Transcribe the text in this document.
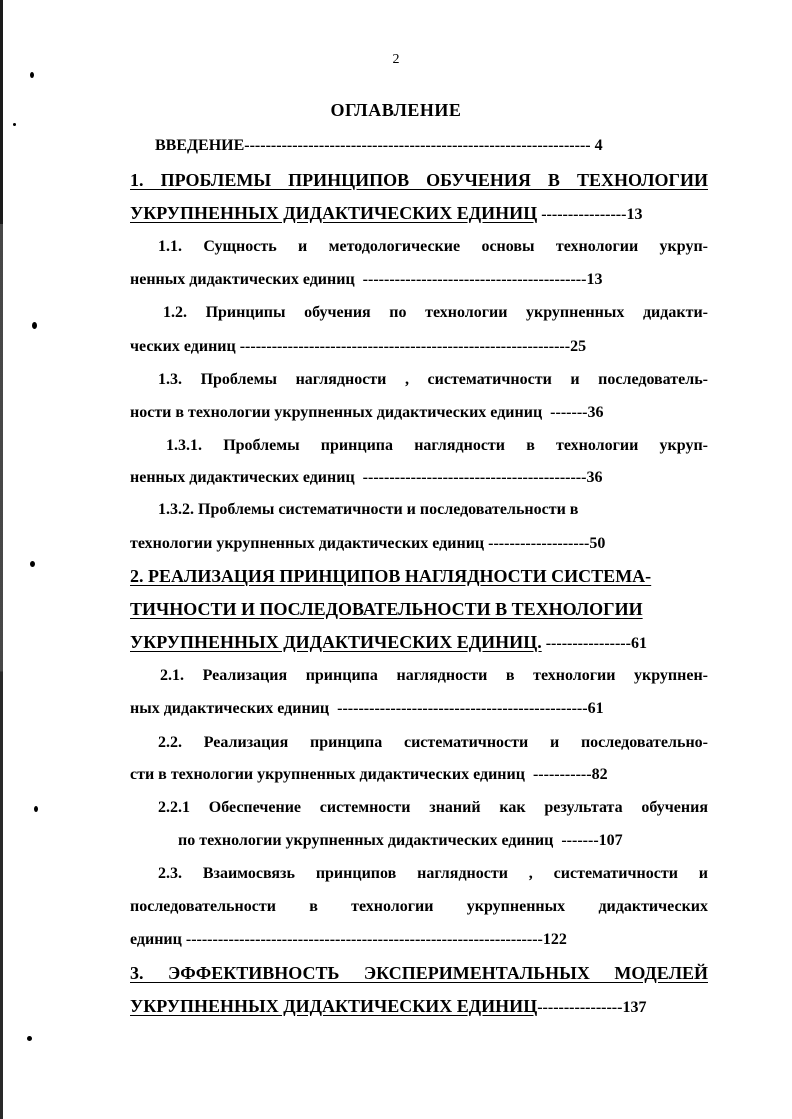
2
ОГЛАВЛЕНИЕ
ВВЕДЕНИЕ----------------------------------------------------------------- 4
1. ПРОБЛЕМЫ ПРИНЦИПОВ ОБУЧЕНИЯ В ТЕХНОЛОГИИ
УКРУПНЕННЫХ ДИДАКТИЧЕСКИХ ЕДИНИЦ ----------------13
1.1. Сущность и методологические основы технологии укруп-
ненных дидактических единиц ------------------------------------------13
1.2. Принципы обучения по технологии укрупненных дидакти-
ческих единиц --------------------------------------------------------------25
1.3. Проблемы наглядности , систематичности и последователь-
ности в технологии укрупненных дидактических единиц -------36
1.3.1. Проблемы принципа наглядности в технологии укруп-
ненных дидактических единиц ------------------------------------------36
1.3.2. Проблемы систематичности и последовательности в
технологии укрупненных дидактических единиц -------------------50
2. РЕАЛИЗАЦИЯ ПРИНЦИПОВ НАГЛЯДНОСТИ СИСТЕМА-
ТИЧНОСТИ И ПОСЛЕДОВАТЕЛЬНОСТИ В ТЕХНОЛОГИИ
УКРУПНЕННЫХ ДИДАКТИЧЕСКИХ ЕДИНИЦ. ----------------61
2.1. Реализация принципа наглядности в технологии укрупнен-
ных дидактических единиц -----------------------------------------------61
2.2. Реализация принципа систематичности и последовательно-
сти в технологии укрупненных дидактических единиц -----------82
2.2.1 Обеспечение системности знаний как результата обучения
по технологии укрупненных дидактических единиц -------107
2.3. Взаимосвязь принципов наглядности , систематичности и
последовательности в технологии укрупненных дидактических
единиц -------------------------------------------------------------------122
3. ЭФФЕКТИВНОСТЬ ЭКСПЕРИМЕНТАЛЬНЫХ МОДЕЛЕЙ
УКРУПНЕННЫХ ДИДАКТИЧЕСКИХ ЕДИНИЦ----------------137
